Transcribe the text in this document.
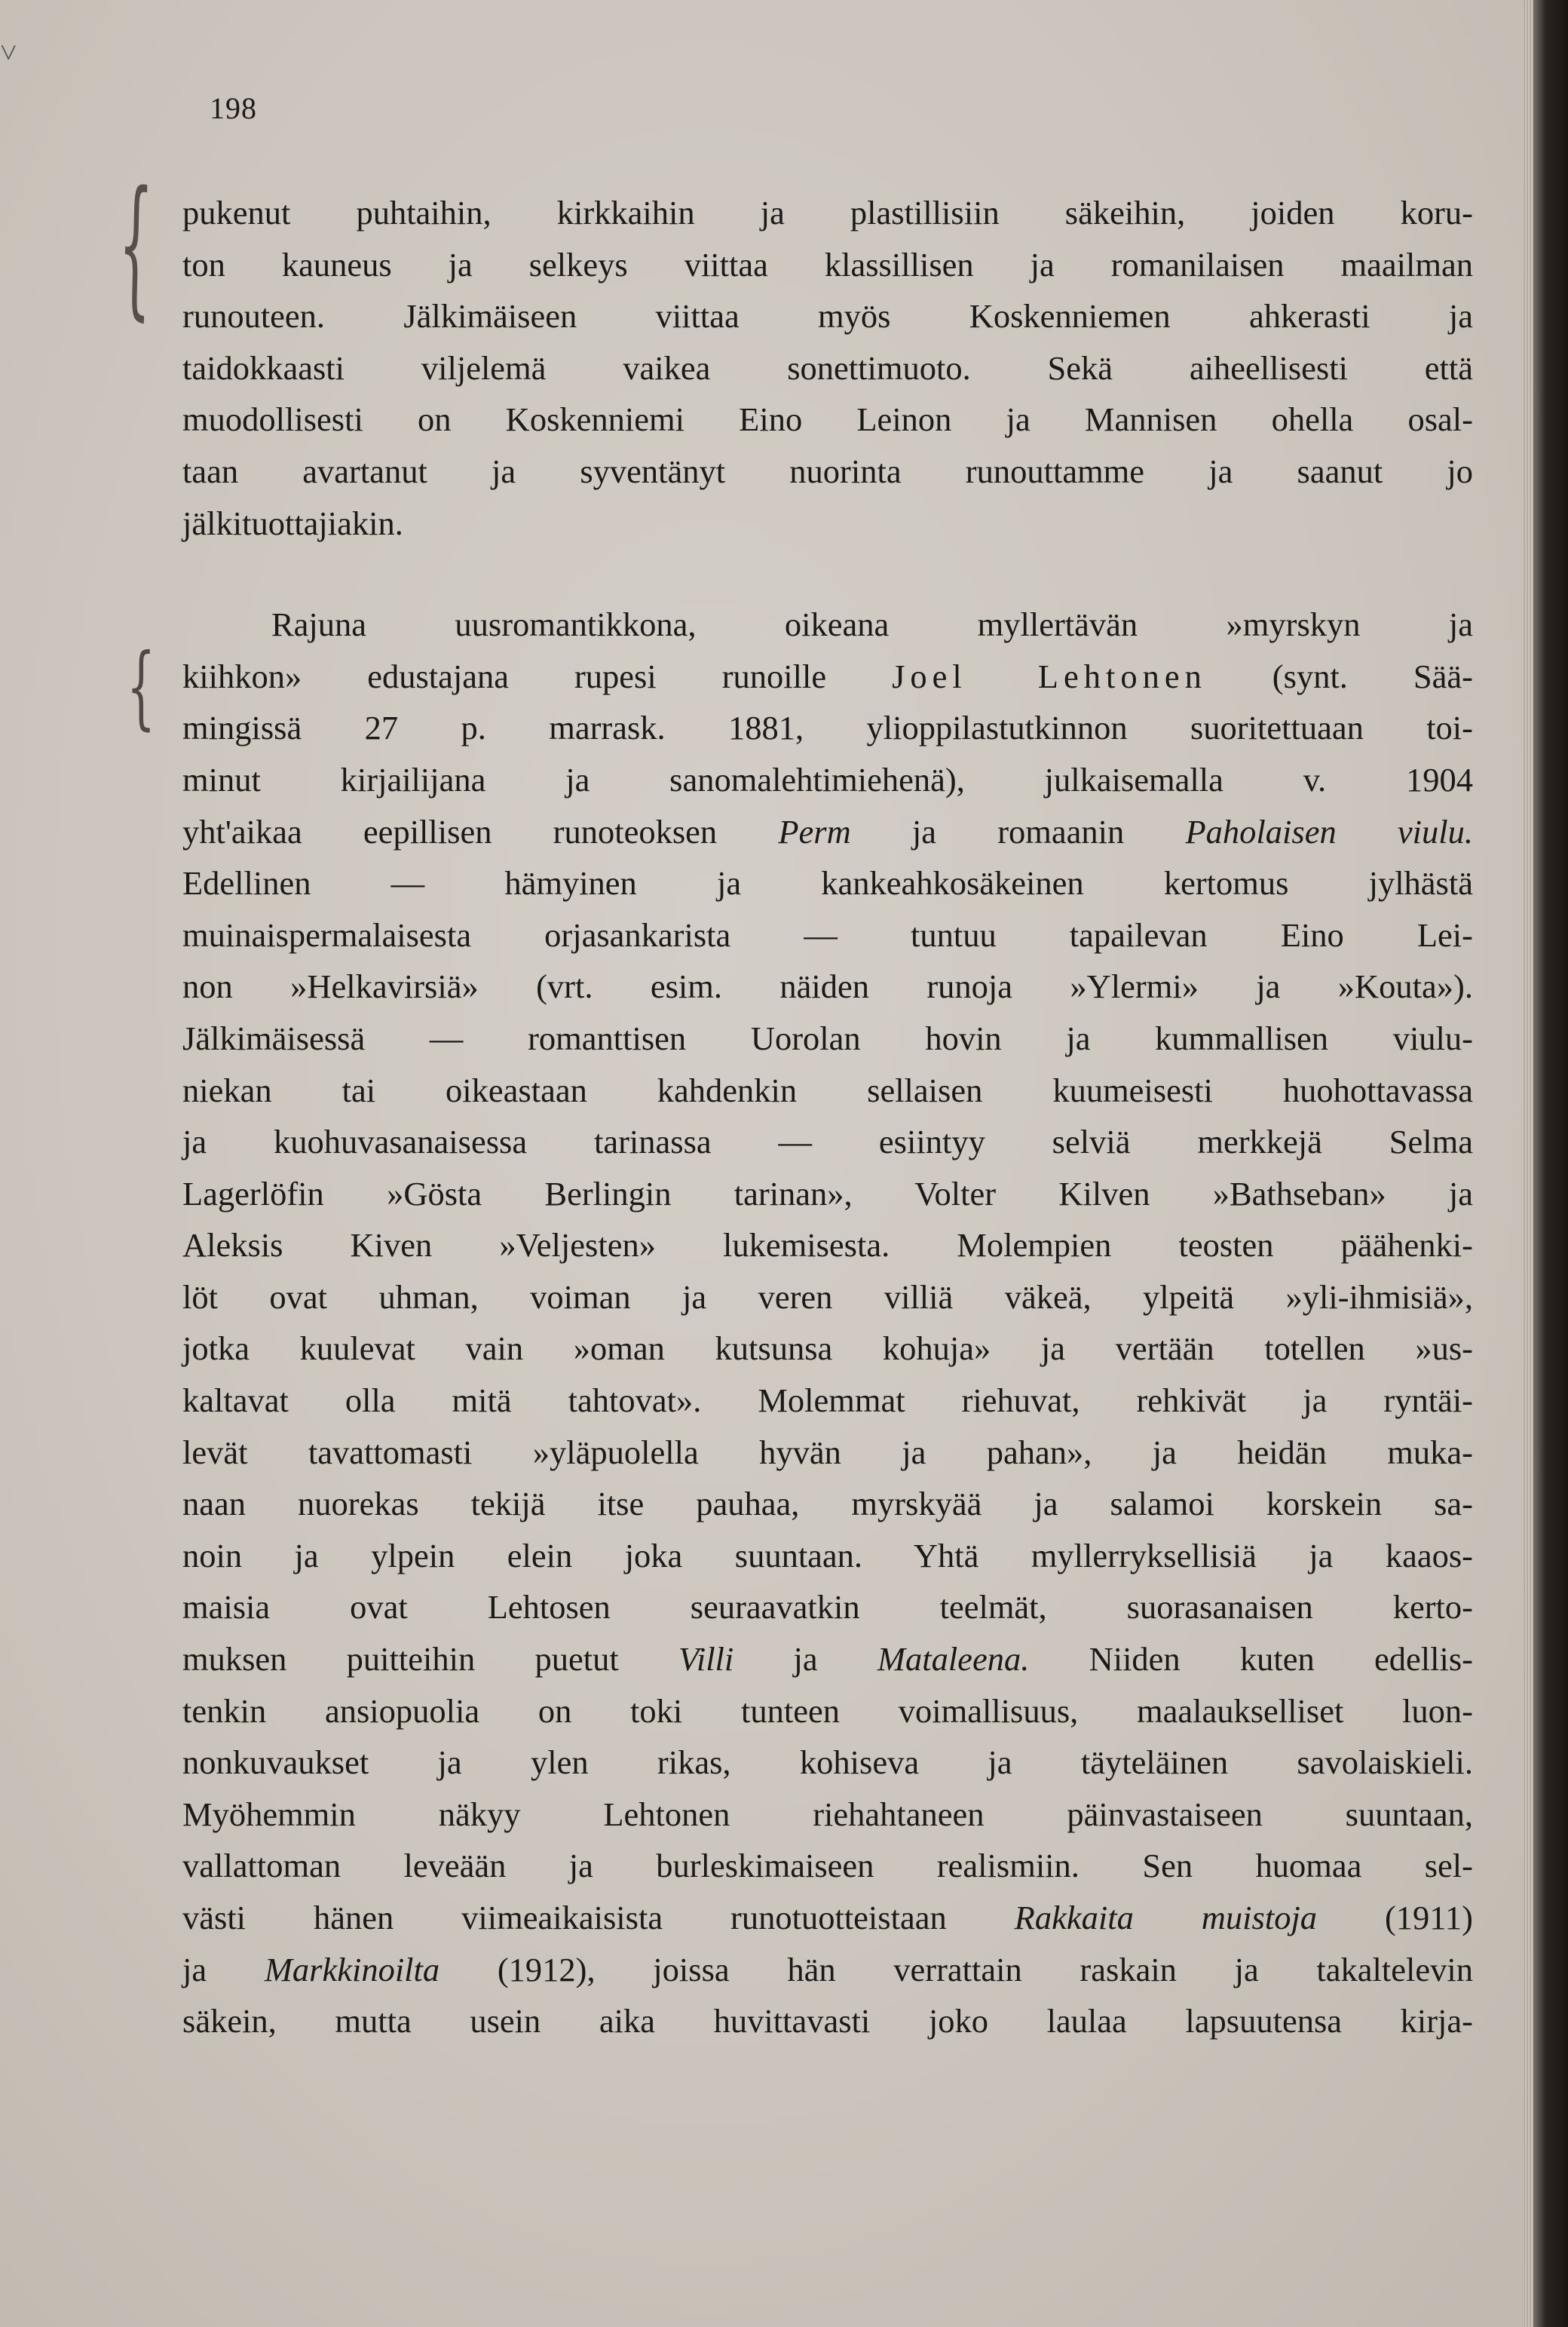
˅
{
{
198
pukenut puhtaihin, kirkkaihin ja plastillisiin säkeihin, joiden koru-
ton kauneus ja selkeys viittaa klassillisen ja romanilaisen maailman
runouteen. Jälkimäiseen viittaa myös Koskenniemen ahkerasti ja
taidokkaasti viljelemä vaikea sonettimuoto. Sekä aiheellisesti että
muodollisesti on Koskenniemi Eino Leinon ja Mannisen ohella osal-
taan avartanut ja syventänyt nuorinta runouttamme ja saanut jo
jälkituottajiakin.
Rajuna uusromantikkona, oikeana myllertävän »myrskyn ja
kiihkon» edustajana rupesi runoille Joel Lehtonen (synt. Sää-
mingissä 27 p. marrask. 1881, ylioppilastutkinnon suoritettuaan toi-
minut kirjailijana ja sanomalehtimiehenä), julkaisemalla v. 1904
yht'aikaa eepillisen runoteoksen Perm ja romaanin Paholaisen viulu.
Edellinen — hämyinen ja kankeahkosäkeinen kertomus jylhästä
muinaispermalaisesta orjasankarista — tuntuu tapailevan Eino Lei-
non »Helkavirsiä» (vrt. esim. näiden runoja »Ylermi» ja »Kouta»).
Jälkimäisessä — romanttisen Uorolan hovin ja kummallisen viulu-
niekan tai oikeastaan kahdenkin sellaisen kuumeisesti huohottavassa
ja kuohuvasanaisessa tarinassa — esiintyy selviä merkkejä Selma
Lagerlöfin »Gösta Berlingin tarinan», Volter Kilven »Bathseban» ja
Aleksis Kiven »Veljesten» lukemisesta. Molempien teosten päähenki-
löt ovat uhman, voiman ja veren villiä väkeä, ylpeitä »yli-ihmisiä»,
jotka kuulevat vain »oman kutsunsa kohuja» ja vertään totellen »us-
kaltavat olla mitä tahtovat». Molemmat riehuvat, rehkivät ja ryntäi-
levät tavattomasti »yläpuolella hyvän ja pahan», ja heidän muka-
naan nuorekas tekijä itse pauhaa, myrskyää ja salamoi korskein sa-
noin ja ylpein elein joka suuntaan. Yhtä myllerryksellisiä ja kaaos-
maisia ovat Lehtosen seuraavatkin teelmät, suorasanaisen kerto-
muksen puitteihin puetut Villi ja Mataleena. Niiden kuten edellis-
tenkin ansiopuolia on toki tunteen voimallisuus, maalaukselliset luon-
nonkuvaukset ja ylen rikas, kohiseva ja täyteläinen savolaiskieli.
Myöhemmin näkyy Lehtonen riehahtaneen päinvastaiseen suuntaan,
vallattoman leveään ja burleskimaiseen realismiin. Sen huomaa sel-
västi hänen viimeaikaisista runotuotteistaan Rakkaita muistoja (1911)
ja Markkinoilta (1912), joissa hän verrattain raskain ja takaltelevin
säkein, mutta usein aika huvittavasti joko laulaa lapsuutensa kirja-
